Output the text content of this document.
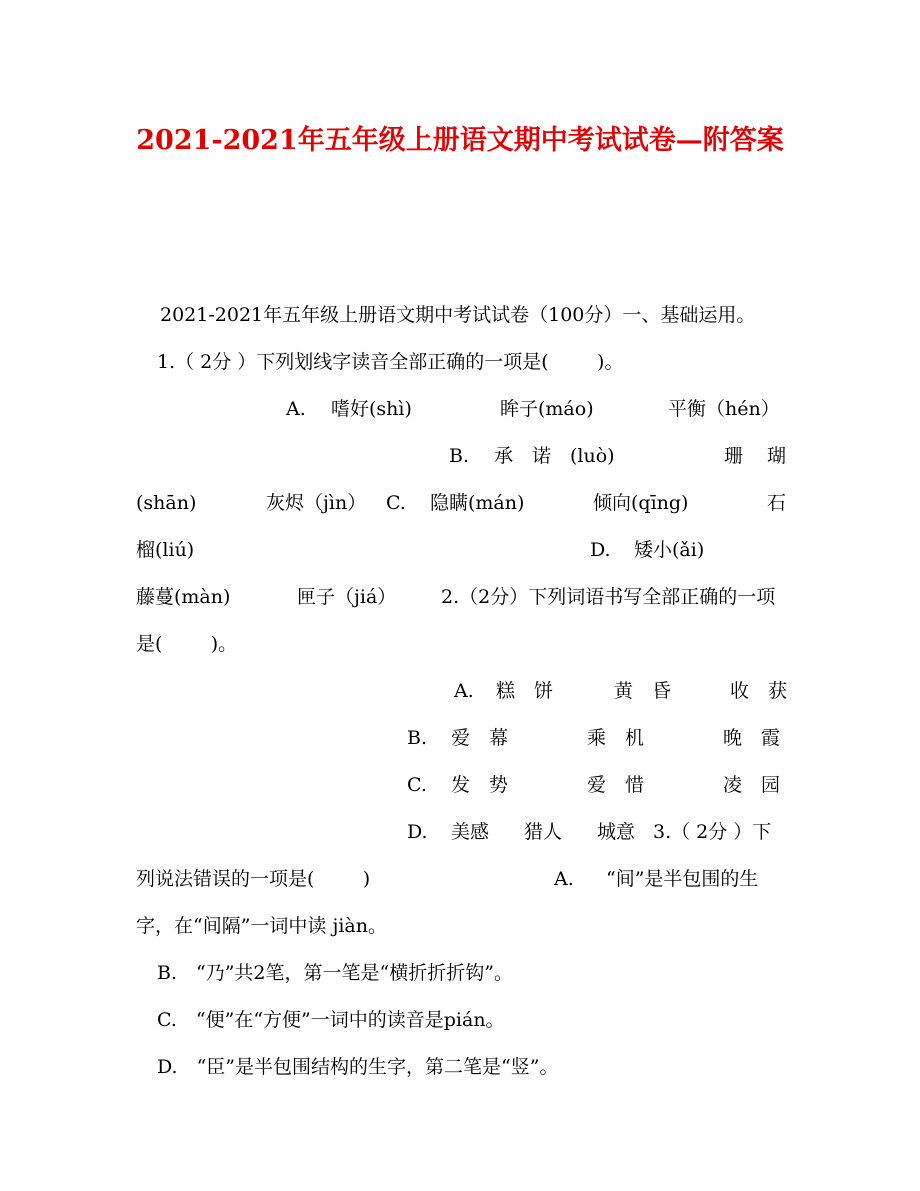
2021-2021年五年级上册语文期中考试试卷—附答案
2021-2021年五年级上册语文期中考试试卷（100分）一、基础运用。
1.（ 2分 ）下列划线字读音全部正确的一项是(        )。
A. 嗜好(shì)	眸子(máo)	平衡（hén）
B. 承　诺　(luò)	珊 瑚
(shān)	灰烬（jìn） C. 隐瞒(mán)	倾向(qīng)	石
榴(liú)	D. 矮小(ǎi)
藤蔓(màn)	匣子（jiá） 2.（2分）下列词语书写全部正确的一项
是(        )。
A. 糕　饼	黄　昏	收　获
B. 爱　幕	乘　机	晚　霞
C. 发　势	爱　惜	凌　园
D. 美感 猎人 城意 3.（ 2分 ）下
列说法错误的一项是(        )	A. “间”是半包围的生
字，在“间隔”一词中读 jiàn。
B.　“乃”共2笔，第一笔是“横折折折钩”。
C.　“便”在“方便”一词中的读音是pián。
D.　“臣”是半包围结构的生字，第二笔是“竖”。
